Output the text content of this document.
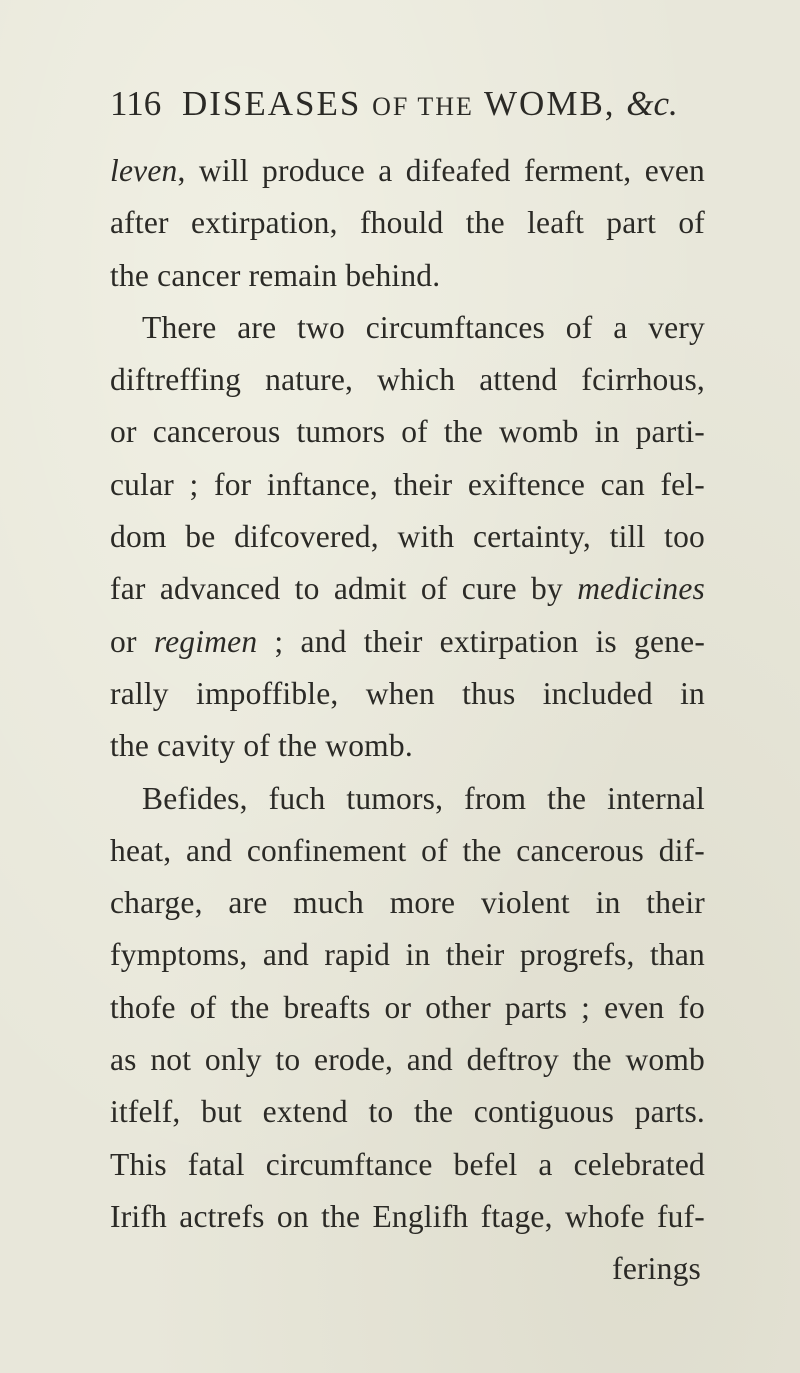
116 DISEASES OF THE WOMB, &c.
leven, will produce a difeafed ferment, even
after extirpation, fhould the leaft part of
the cancer remain behind.
There are two circumftances of a very
diftreffing nature, which attend fcirrhous,
or cancerous tumors of the womb in parti-
cular ; for inftance, their exiftence can fel-
dom be difcovered, with certainty, till too
far advanced to admit of cure by medicines
or regimen ; and their extirpation is gene-
rally impoffible, when thus included in
the cavity of the womb.
Befides, fuch tumors, from the internal
heat, and confinement of the cancerous dif-
charge, are much more violent in their
fymptoms, and rapid in their progrefs, than
thofe of the breafts or other parts ; even fo
as not only to erode, and deftroy the womb
itfelf, but extend to the contiguous parts.
This fatal circumftance befel a celebrated
Irifh actrefs on the Englifh ftage, whofe fuf-
ferings
